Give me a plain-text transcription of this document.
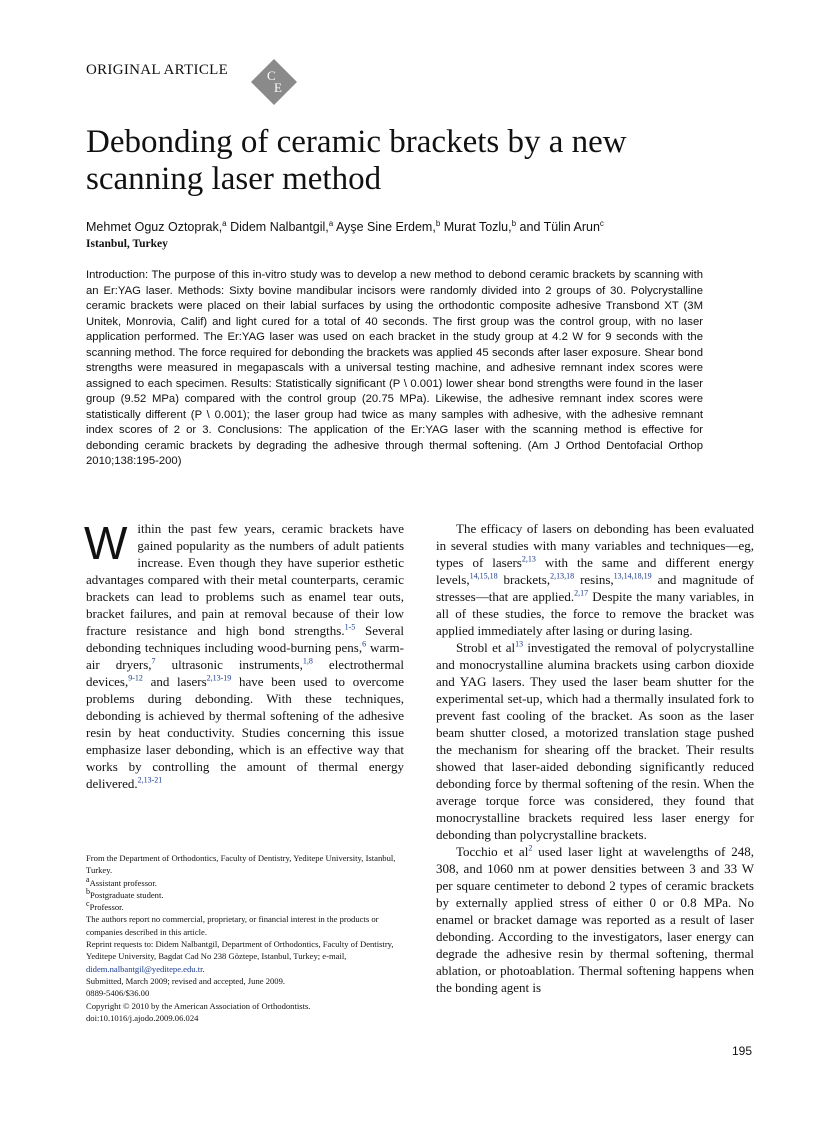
ORIGINAL ARTICLE	C
E
Debonding of ceramic brackets by a new scanning laser method
Mehmet Oguz Oztoprak,$^a$ Didem Nalbantgil,$^a$ Ayşe Sine Erdem,$^b$ Murat Tozlu,$^b$ and Tülin Arun$^c$
Istanbul, Turkey

Introduction: The purpose of this in-vitro study was to develop a new method to debond ceramic brackets by scanning with an Er:YAG laser. Methods: Sixty bovine mandibular incisors were randomly divided into 2 groups of 30. Polycrystalline ceramic brackets were placed on their labial surfaces by using the orthodontic composite adhesive Transbond XT (3M Unitek, Monrovia, Calif) and light cured for a total of 40 seconds. The first group was the control group, with no laser application performed. The Er:YAG laser was used on each bracket in the study group at 4.2 W for 9 seconds with the scanning method. The force required for debonding the brackets was applied 45 seconds after laser exposure. Shear bond strengths were measured in megapascals with a universal testing machine, and adhesive remnant index scores were assigned to each specimen. Results: Statistically significant (P \ 0.001) lower shear bond strengths were found in the laser group (9.52 MPa) compared with the control group (20.75 MPa). Likewise, the adhesive remnant index scores were statistically different (P \ 0.001); the laser group had twice as many samples with adhesive, with the adhesive remnant index scores of 2 or 3. Conclusions: The application of the Er:YAG laser with the scanning method is effective for debonding ceramic brackets by degrading the adhesive through thermal softening. (Am J Orthod Dentofacial Orthop 2010;138:195-200)

Within the past few years, ceramic brackets have gained popularity as the numbers of adult patients increase. Even though they have superior esthetic advantages compared with their metal counterparts, ceramic brackets can lead to problems such as enamel tear outs, bracket failures, and pain at removal because of their low fracture resistance and high bond strengths.$^{1-5}$ Several debonding techniques including wood-burning pens,$^6$ warm-air dryers,$^7$ ultrasonic instruments,$^{1,8}$ electrothermal devices,$^{9-12}$ and lasers$^{2,13-19}$ have been used to overcome problems during debonding. With these techniques, debonding is achieved by thermal softening of the adhesive resin by heat conductivity. Studies concerning this issue emphasize laser debonding, which is an effective way that works by controlling the amount of thermal energy delivered.$^{2,13-21}$

The efficacy of lasers on debonding has been evaluated in several studies with many variables and techniques—eg, types of lasers$^{2,13}$ with the same and different energy levels,$^{14,15,18}$ brackets,$^{2,13,18}$ resins,$^{13,14,18,19}$ and magnitude of stresses—that are applied.$^{2,17}$ Despite the many variables, in all of these studies, the force to remove the bracket was applied immediately after lasing or during lasing.

Strobl et al$^{13}$ investigated the removal of polycrystalline and monocrystalline alumina brackets using carbon dioxide and YAG lasers. They used the laser beam shutter for the experimental set-up, which had a thermally insulated fork to prevent fast cooling of the bracket. As soon as the laser beam shutter closed, a motorized translation stage pushed the mechanism for shearing off the bracket. Their results showed that laser-aided debonding significantly reduced debonding force by thermal softening of the resin. When the average torque force was considered, they found that monocrystalline brackets required less laser energy for debonding than polycrystalline brackets.

Tocchio et al$^2$ used laser light at wavelengths of 248, 308, and 1060 nm at power densities between 3 and 33 W per square centimeter to debond 2 types of ceramic brackets by externally applied stress of either 0 or 0.8 MPa. No enamel or bracket damage was reported as a result of laser debonding. According to the investigators, laser energy can degrade the adhesive resin by thermal softening, thermal ablation, or photoablation. Thermal softening happens when the bonding agent is

From the Department of Orthodontics, Faculty of Dentistry, Yeditepe University, Istanbul, Turkey.
$^a$Assistant professor.
$^b$Postgraduate student.
$^c$Professor.
The authors report no commercial, proprietary, or financial interest in the products or companies described in this article.
Reprint requests to: Didem Nalbantgil, Department of Orthodontics, Faculty of Dentistry, Yeditepe University, Bagdat Cad No 238 Göztepe, Istanbul, Turkey; e-mail, didem.nalbantgil@yeditepe.edu.tr.
Submitted, March 2009; revised and accepted, June 2009.
0889-5406/$36.00
Copyright © 2010 by the American Association of Orthodontists.
doi:10.1016/j.ajodo.2009.06.024
195
